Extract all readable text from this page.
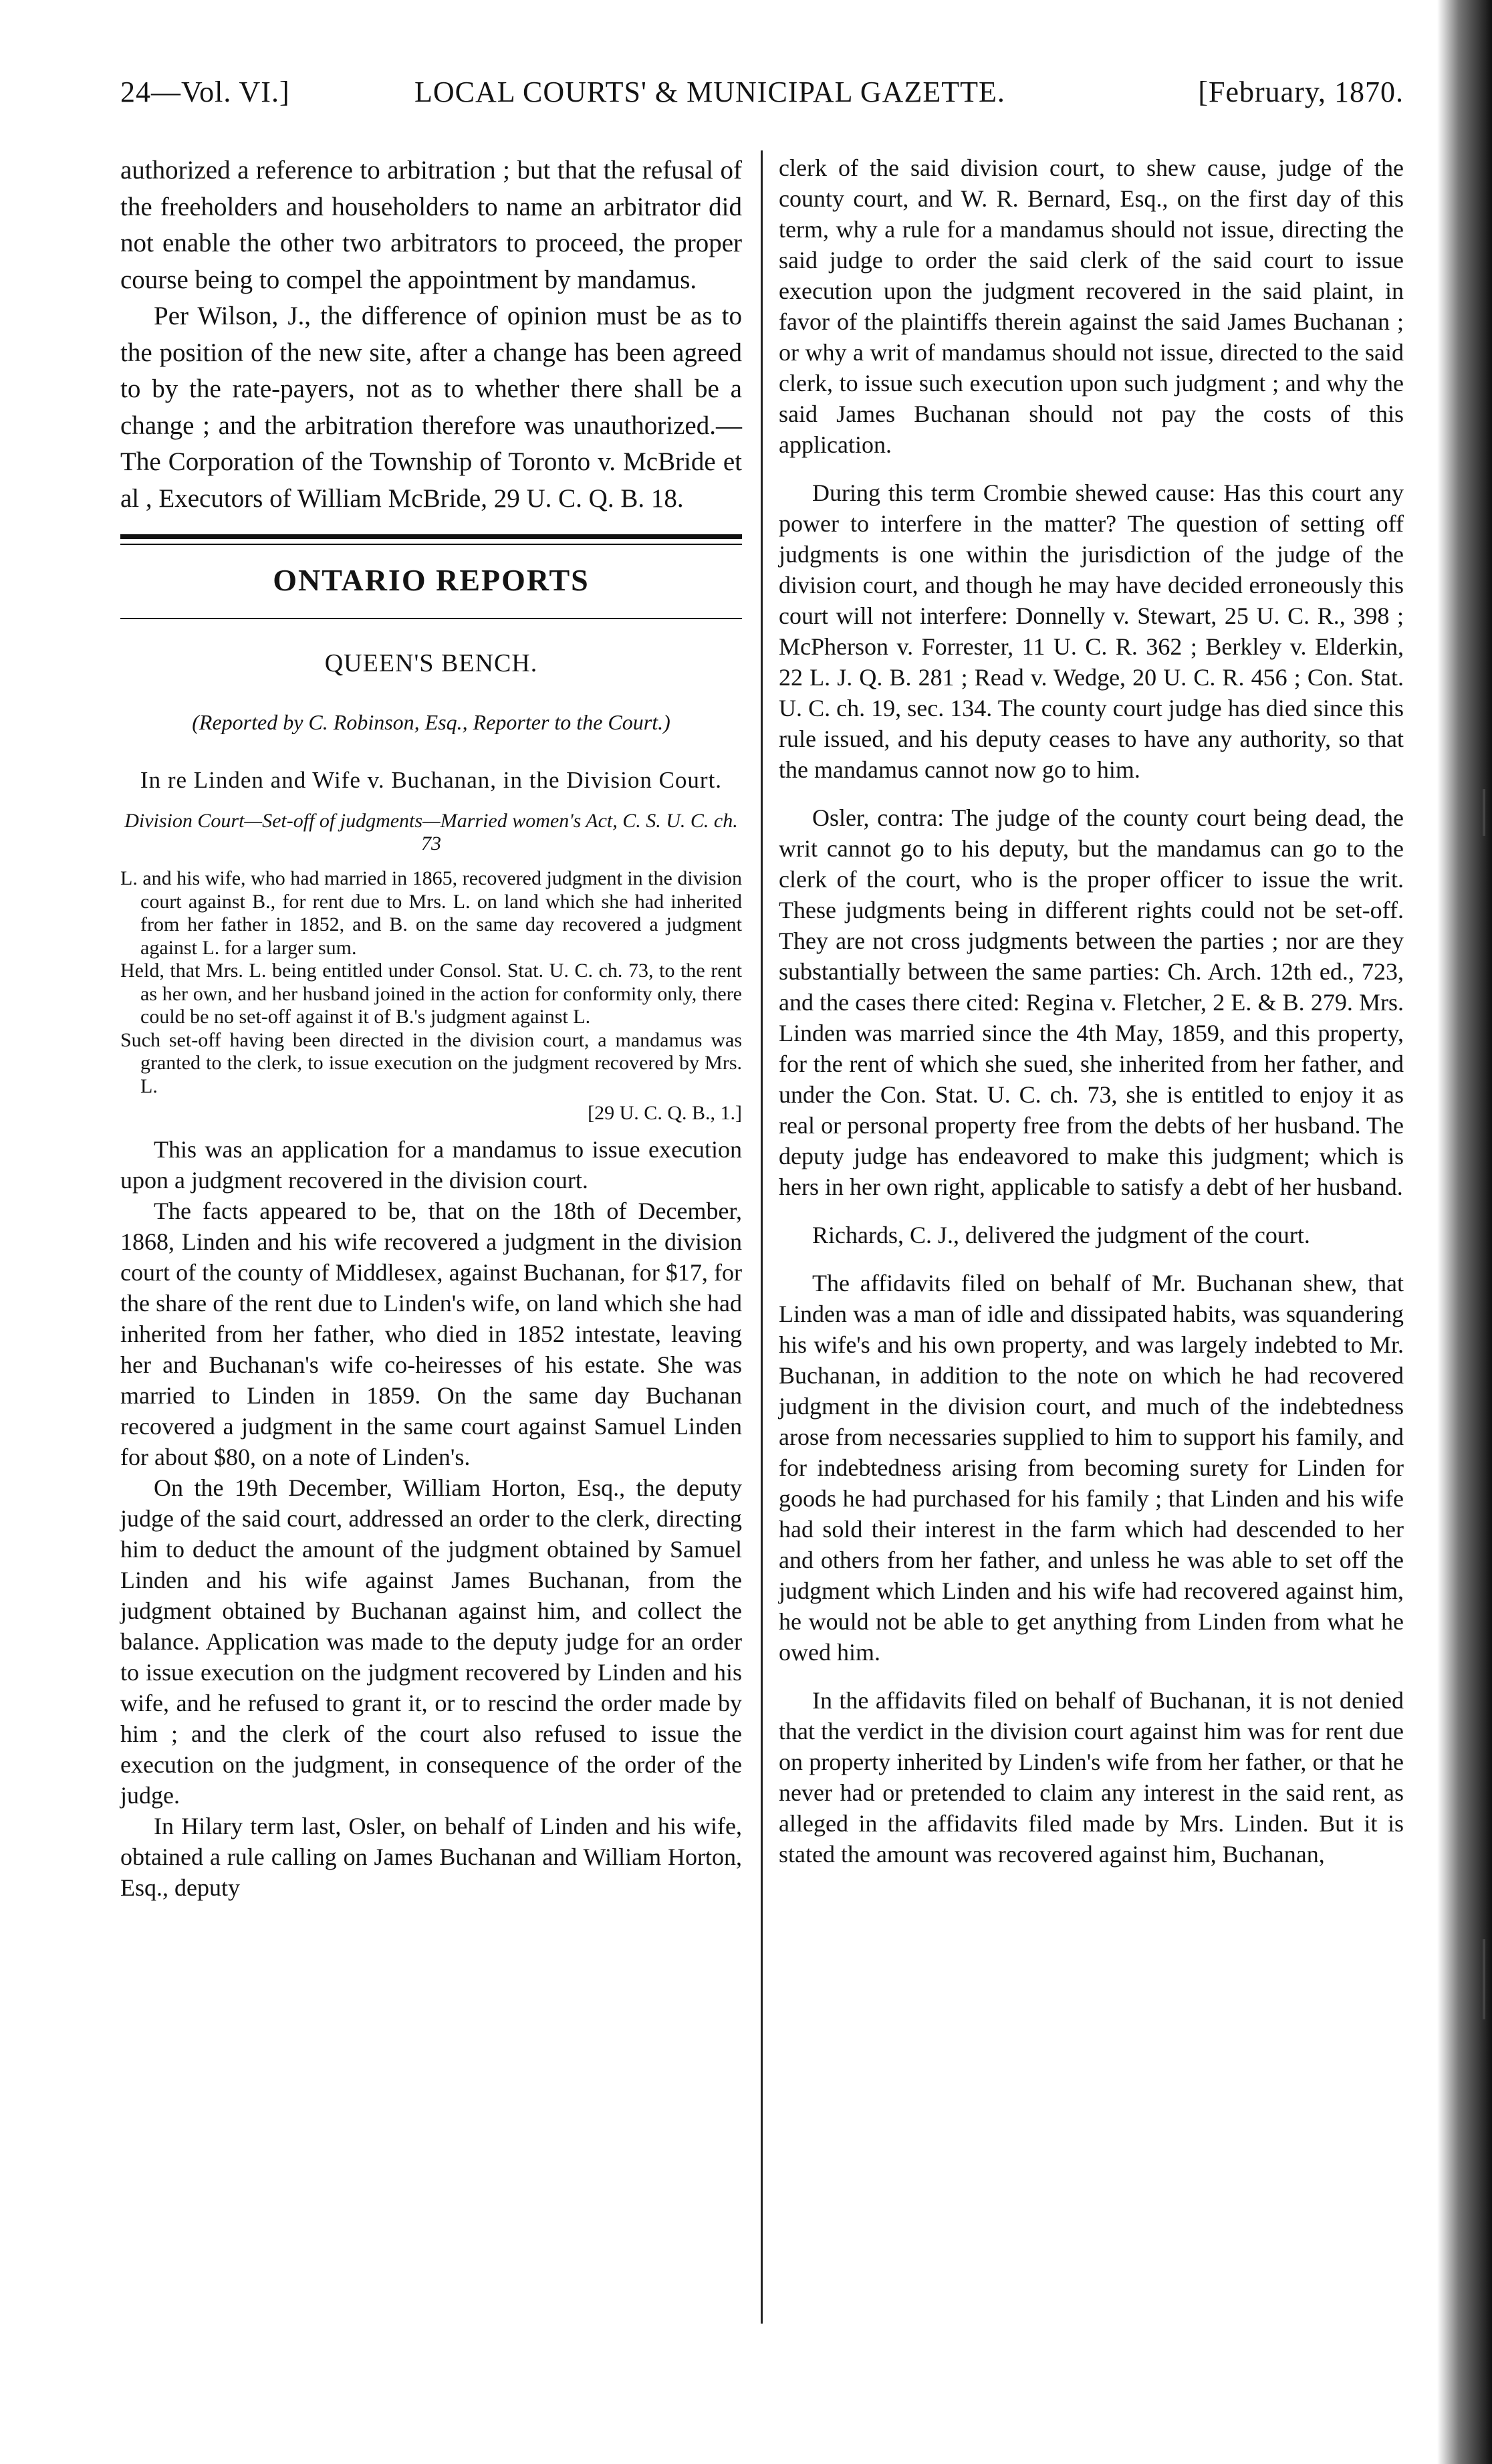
24—Vol. VI.]	LOCAL COURTS' & MUNICIPAL GAZETTE.	[February, 1870.

authorized a reference to arbitration ; but that the refusal of the freeholders and householders to name an arbitrator did not enable the other two arbitrators to proceed, the proper course being to compel the appointment by mandamus.

Per Wilson, J., the difference of opinion must be as to the position of the new site, after a change has been agreed to by the rate-payers, not as to whether there shall be a change ; and the arbitration therefore was unauthorized.—The Corporation of the Township of Toronto v. McBride et al , Executors of William McBride, 29 U. C. Q. B. 18.

ONTARIO REPORTS
QUEEN'S BENCH.
(Reported by C. Robinson, Esq., Reporter to the Court.)
In re Linden and Wife v. Buchanan, in the Division Court.
Division Court—Set-off of judgments—Married women's Act, C. S. U. C. ch. 73

L. and his wife, who had married in 1865, recovered judgment in the division court against B., for rent due to Mrs. L. on land which she had inherited from her father in 1852, and B. on the same day recovered a judgment against L. for a larger sum.

Held, that Mrs. L. being entitled under Consol. Stat. U. C. ch. 73, to the rent as her own, and her husband joined in the action for conformity only, there could be no set-off against it of B.'s judgment against L.

Such set-off having been directed in the division court, a mandamus was granted to the clerk, to issue execution on the judgment recovered by Mrs. L.

[29 U. C. Q. B., 1.]

This was an application for a mandamus to issue execution upon a judgment recovered in the division court.

The facts appeared to be, that on the 18th of December, 1868, Linden and his wife recovered a judgment in the division court of the county of Middlesex, against Buchanan, for $17, for the share of the rent due to Linden's wife, on land which she had inherited from her father, who died in 1852 intestate, leaving her and Buchanan's wife co-heiresses of his estate. She was married to Linden in 1859. On the same day Buchanan recovered a judgment in the same court against Samuel Linden for about $80, on a note of Linden's.

On the 19th December, William Horton, Esq., the deputy judge of the said court, addressed an order to the clerk, directing him to deduct the amount of the judgment obtained by Samuel Linden and his wife against James Buchanan, from the judgment obtained by Buchanan against him, and collect the balance. Application was made to the deputy judge for an order to issue execution on the judgment recovered by Linden and his wife, and he refused to grant it, or to rescind the order made by him ; and the clerk of the court also refused to issue the execution on the judgment, in consequence of the order of the judge.

In Hilary term last, Osler, on behalf of Linden and his wife, obtained a rule calling on James Buchanan and William Horton, Esq., deputy

clerk of the said division court, to shew cause, judge of the county court, and W. R. Bernard, Esq., on the first day of this term, why a rule for a mandamus should not issue, directing the said judge to order the said clerk of the said court to issue execution upon the judgment recovered in the said plaint, in favor of the plaintiffs therein against the said James Buchanan ; or why a writ of mandamus should not issue, directed to the said clerk, to issue such execution upon such judgment ; and why the said James Buchanan should not pay the costs of this application.

During this term Crombie shewed cause: Has this court any power to interfere in the matter? The question of setting off judgments is one within the jurisdiction of the judge of the division court, and though he may have decided erroneously this court will not interfere: Donnelly v. Stewart, 25 U. C. R., 398 ; McPherson v. Forrester, 11 U. C. R. 362 ; Berkley v. Elderkin, 22 L. J. Q. B. 281 ; Read v. Wedge, 20 U. C. R. 456 ; Con. Stat. U. C. ch. 19, sec. 134. The county court judge has died since this rule issued, and his deputy ceases to have any authority, so that the mandamus cannot now go to him.

Osler, contra: The judge of the county court being dead, the writ cannot go to his deputy, but the mandamus can go to the clerk of the court, who is the proper officer to issue the writ. These judgments being in different rights could not be set-off. They are not cross judgments between the parties ; nor are they substantially between the same parties: Ch. Arch. 12th ed., 723, and the cases there cited: Regina v. Fletcher, 2 E. & B. 279. Mrs. Linden was married since the 4th May, 1859, and this property, for the rent of which she sued, she inherited from her father, and under the Con. Stat. U. C. ch. 73, she is entitled to enjoy it as real or personal property free from the debts of her husband. The deputy judge has endeavored to make this judgment; which is hers in her own right, applicable to satisfy a debt of her husband.

Richards, C. J., delivered the judgment of the court.

The affidavits filed on behalf of Mr. Buchanan shew, that Linden was a man of idle and dissipated habits, was squandering his wife's and his own property, and was largely indebted to Mr. Buchanan, in addition to the note on which he had recovered judgment in the division court, and much of the indebtedness arose from necessaries supplied to him to support his family, and for indebtedness arising from becoming surety for Linden for goods he had purchased for his family ; that Linden and his wife had sold their interest in the farm which had descended to her and others from her father, and unless he was able to set off the judgment which Linden and his wife had recovered against him, he would not be able to get anything from Linden from what he owed him.

In the affidavits filed on behalf of Buchanan, it is not denied that the verdict in the division court against him was for rent due on property inherited by Linden's wife from her father, or that he never had or pretended to claim any interest in the said rent, as alleged in the affidavits filed made by Mrs. Linden. But it is stated the amount was recovered against him, Buchanan,
